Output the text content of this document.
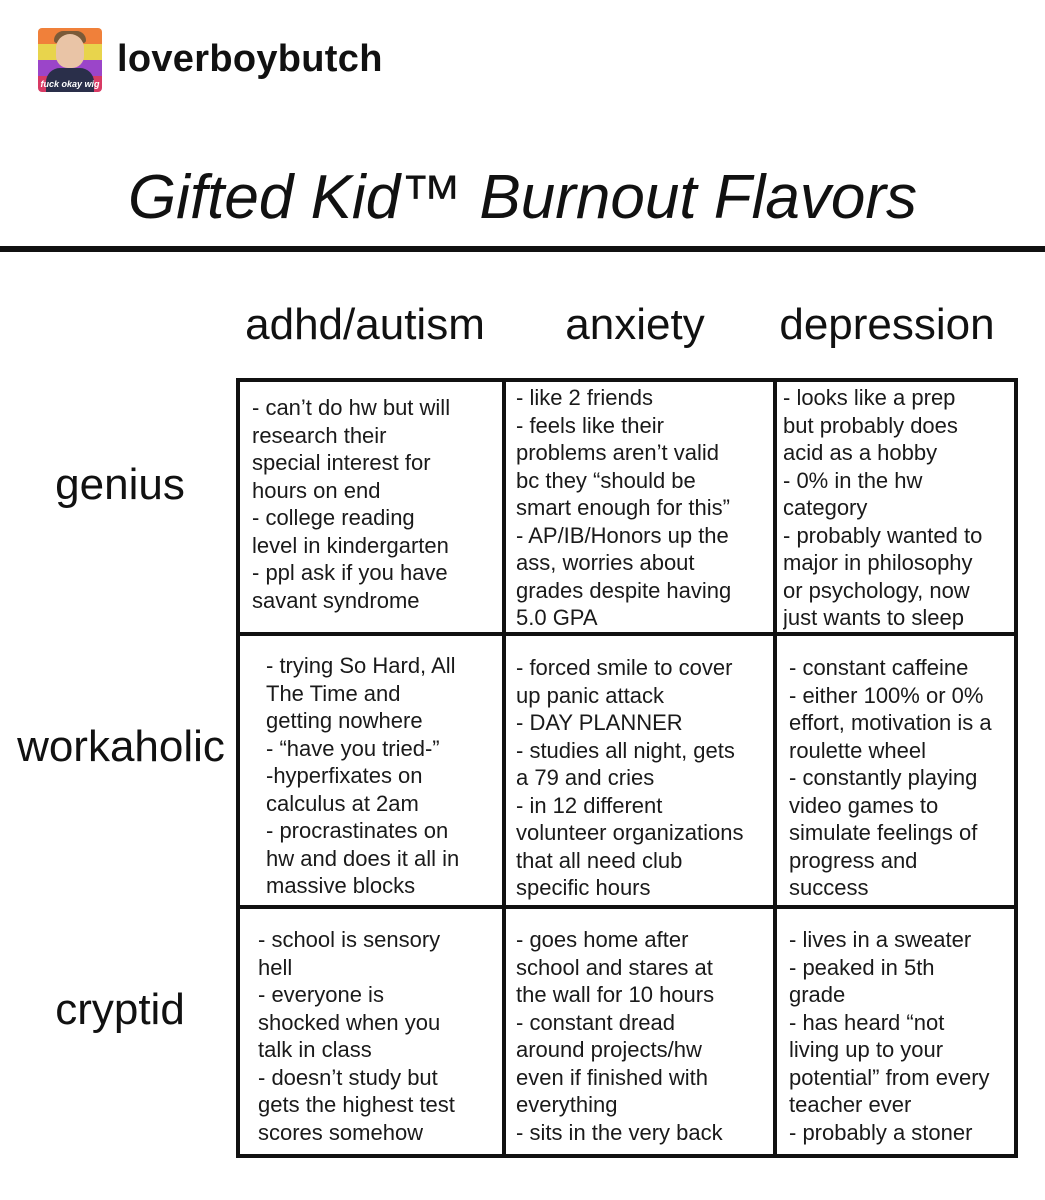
fuck okay wig
loverboybutch
Gifted Kid™ Burnout Flavors
adhd/autism	anxiety	depression
genius
workaholic
cryptid
- can’t do hw but will
research their
special interest for
hours on end
- college reading
level in kindergarten
- ppl ask if you have
savant syndrome
- like 2 friends
- feels like their
problems aren’t valid
bc they “should be
smart enough for this”
- AP/IB/Honors up the
ass, worries about
grades despite having
5.0 GPA
- looks like a prep
but probably does
acid as a hobby
- 0% in the hw
category
- probably wanted to
major in philosophy
or psychology, now
just wants to sleep
- trying So Hard, All
The Time and
getting nowhere
- “have you tried-”
-hyperfixates on
calculus at 2am
- procrastinates on
hw and does it all in
massive blocks
- forced smile to cover
up panic attack
- DAY PLANNER
- studies all night, gets
a 79 and cries
- in 12 different
volunteer organizations
that all need club
specific hours
- constant caffeine
- either 100% or 0%
effort, motivation is a
roulette wheel
- constantly playing
video games to
simulate feelings of
progress and
success
- school is sensory
hell
- everyone is
shocked when you
talk in class
- doesn’t study but
gets the highest test
scores somehow
- goes home after
school and stares at
the wall for 10 hours
- constant dread
around projects/hw
even if finished with
everything
- sits in the very back
- lives in a sweater
- peaked in 5th
grade
- has heard “not
living up to your
potential” from every
teacher ever
- probably a stoner
